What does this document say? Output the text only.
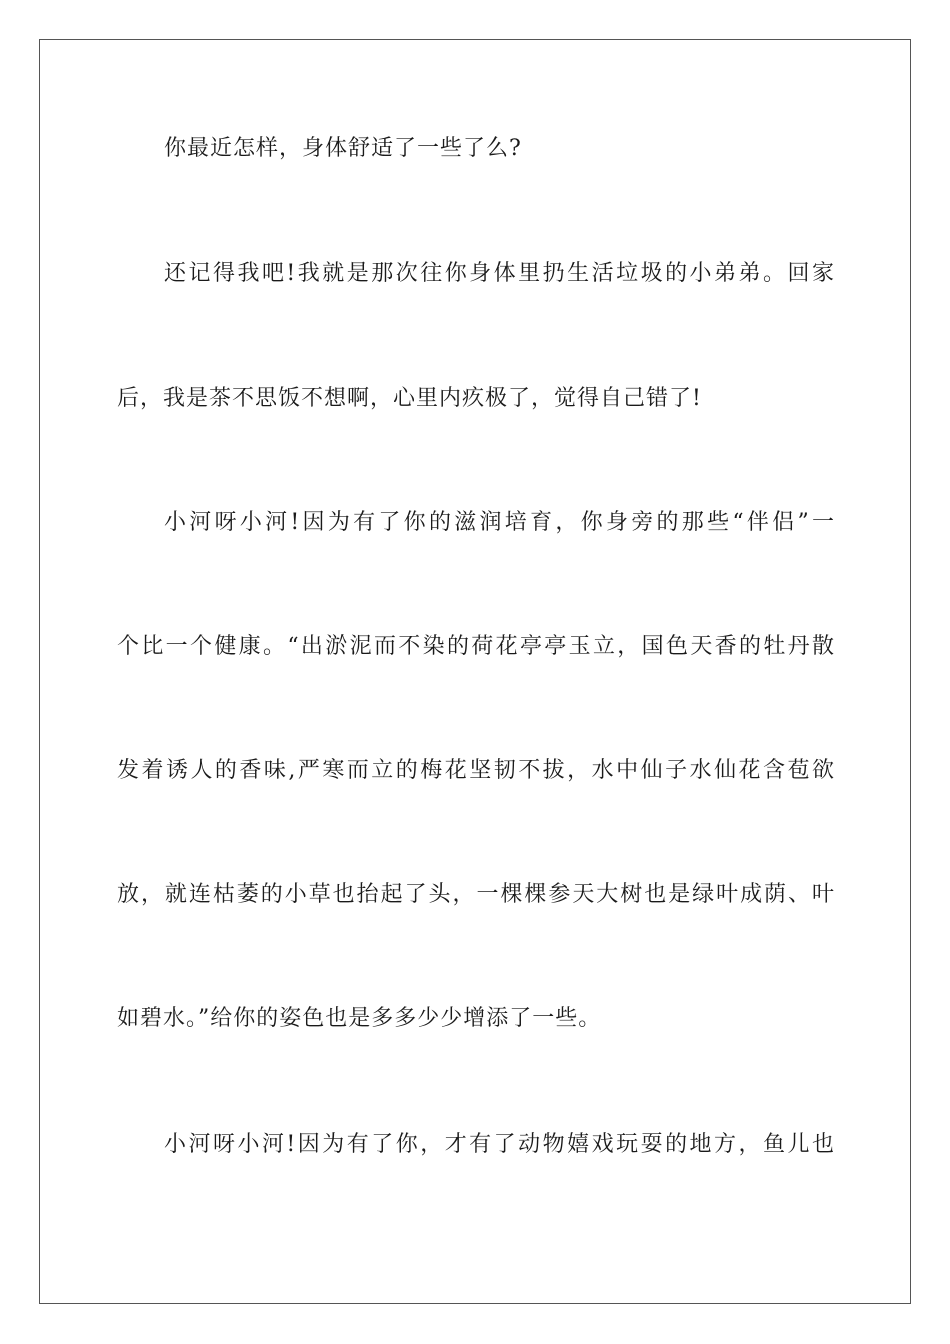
你最近怎样，身体舒适了一些了么?
还记得我吧!我就是那次往你身体里扔生活垃圾的小弟弟。回家
后，我是茶不思饭不想啊，心里内疚极了，觉得自己错了!
小河呀小河!因为有了你的滋润培育，你身旁的那些“伴侣”一
个比一个健康。“出淤泥而不染的荷花亭亭玉立，国色天香的牡丹散
发着诱人的香味,严寒而立的梅花坚韧不拔，水中仙子水仙花含苞欲
放，就连枯萎的小草也抬起了头，一棵棵参天大树也是绿叶成荫、叶
如碧水。”给你的姿色也是多多少少增添了一些。
小河呀小河!因为有了你，才有了动物嬉戏玩耍的地方，鱼儿也
